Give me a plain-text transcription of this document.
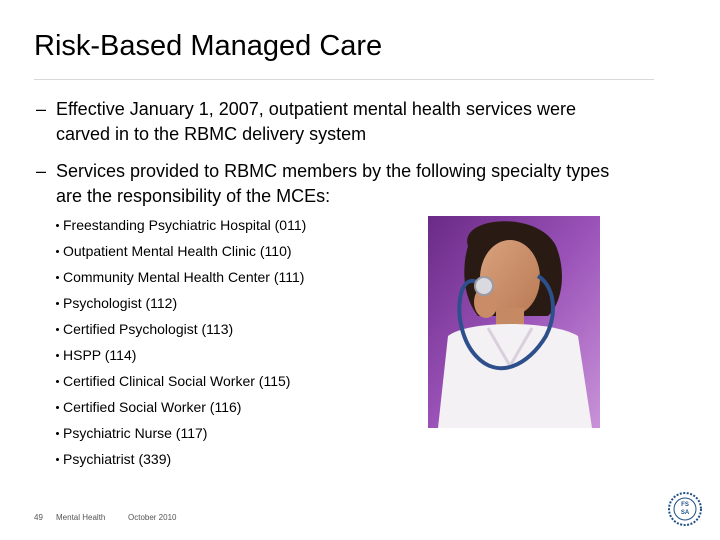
Risk-Based Managed Care
– Effective January 1, 2007, outpatient mental health services were
carved in to the RBMC delivery system
– Services provided to RBMC members by the following specialty types
are the responsibility of the MCEs:
Freestanding Psychiatric Hospital (011)
Outpatient Mental Health Clinic (110)
Community Mental Health Center (111)
Psychologist (112)
Certified Psychologist (113)
HSPP (114)
Certified Clinical Social Worker (115)
Certified Social Worker (116)
Psychiatric Nurse (117)
Psychiatrist (339)
49 Mental Health	October 2010
FS
SA
